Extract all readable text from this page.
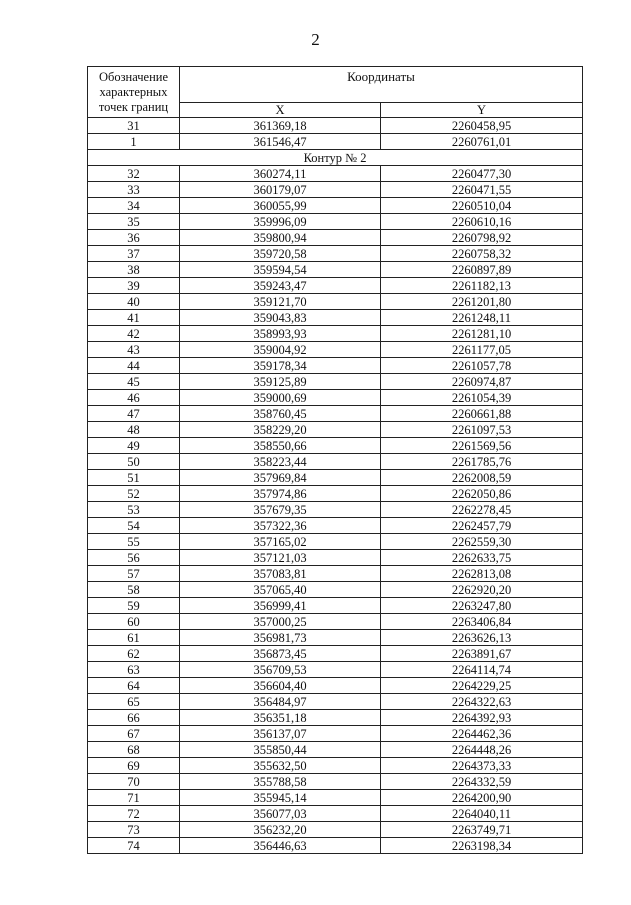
2
Обозначение
характерных
точек границ	Координаты	
	X	Y
31	361369,18	2260458,95
1	361546,47	2260761,01
Контур № 2		
32	360274,11	2260477,30
33	360179,07	2260471,55
34	360055,99	2260510,04
35	359996,09	2260610,16
36	359800,94	2260798,92
37	359720,58	2260758,32
38	359594,54	2260897,89
39	359243,47	2261182,13
40	359121,70	2261201,80
41	359043,83	2261248,11
42	358993,93	2261281,10
43	359004,92	2261177,05
44	359178,34	2261057,78
45	359125,89	2260974,87
46	359000,69	2261054,39
47	358760,45	2260661,88
48	358229,20	2261097,53
49	358550,66	2261569,56
50	358223,44	2261785,76
51	357969,84	2262008,59
52	357974,86	2262050,86
53	357679,35	2262278,45
54	357322,36	2262457,79
55	357165,02	2262559,30
56	357121,03	2262633,75
57	357083,81	2262813,08
58	357065,40	2262920,20
59	356999,41	2263247,80
60	357000,25	2263406,84
61	356981,73	2263626,13
62	356873,45	2263891,67
63	356709,53	2264114,74
64	356604,40	2264229,25
65	356484,97	2264322,63
66	356351,18	2264392,93
67	356137,07	2264462,36
68	355850,44	2264448,26
69	355632,50	2264373,33
70	355788,58	2264332,59
71	355945,14	2264200,90
72	356077,03	2264040,11
73	356232,20	2263749,71
74	356446,63	2263198,34
